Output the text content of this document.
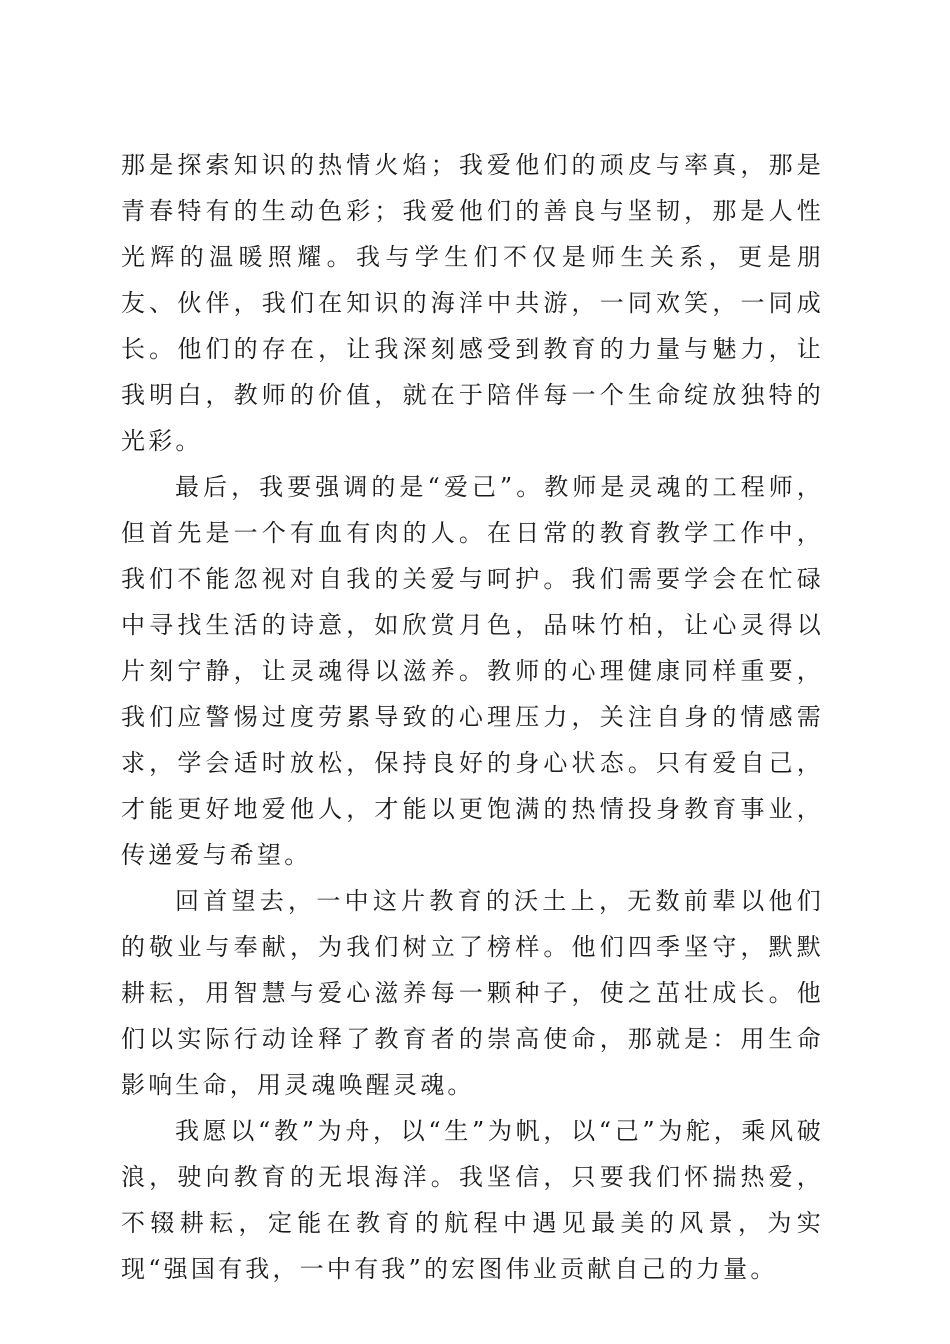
那是探索知识的热情火焰；我爱他们的顽皮与率真，那是青春特有的生动色彩；我爱他们的善良与坚韧，那是人性光辉的温暖照耀。我与学生们不仅是师生关系，更是朋友、伙伴，我们在知识的海洋中共游，一同欢笑，一同成长。他们的存在，让我深刻感受到教育的力量与魅力，让我明白，教师的价值，就在于陪伴每一个生命绽放独特的光彩。

最后，我要强调的是“爱己”。教师是灵魂的工程师，但首先是一个有血有肉的人。在日常的教育教学工作中，我们不能忽视对自我的关爱与呵护。我们需要学会在忙碌中寻找生活的诗意，如欣赏月色，品味竹柏，让心灵得以片刻宁静，让灵魂得以滋养。教师的心理健康同样重要，我们应警惕过度劳累导致的心理压力，关注自身的情感需求，学会适时放松，保持良好的身心状态。只有爱自己，才能更好地爱他人，才能以更饱满的热情投身教育事业，传递爱与希望。

回首望去，一中这片教育的沃土上，无数前辈以他们的敬业与奉献，为我们树立了榜样。他们四季坚守，默默耕耘，用智慧与爱心滋养每一颗种子，使之茁壮成长。他们以实际行动诠释了教育者的崇高使命，那就是：用生命影响生命，用灵魂唤醒灵魂。

我愿以“教”为舟，以“生”为帆，以“己”为舵，乘风破浪，驶向教育的无垠海洋。我坚信，只要我们怀揣热爱，不辍耕耘，定能在教育的航程中遇见最美的风景，为实现“强国有我，一中有我”的宏图伟业贡献自己的力量。
